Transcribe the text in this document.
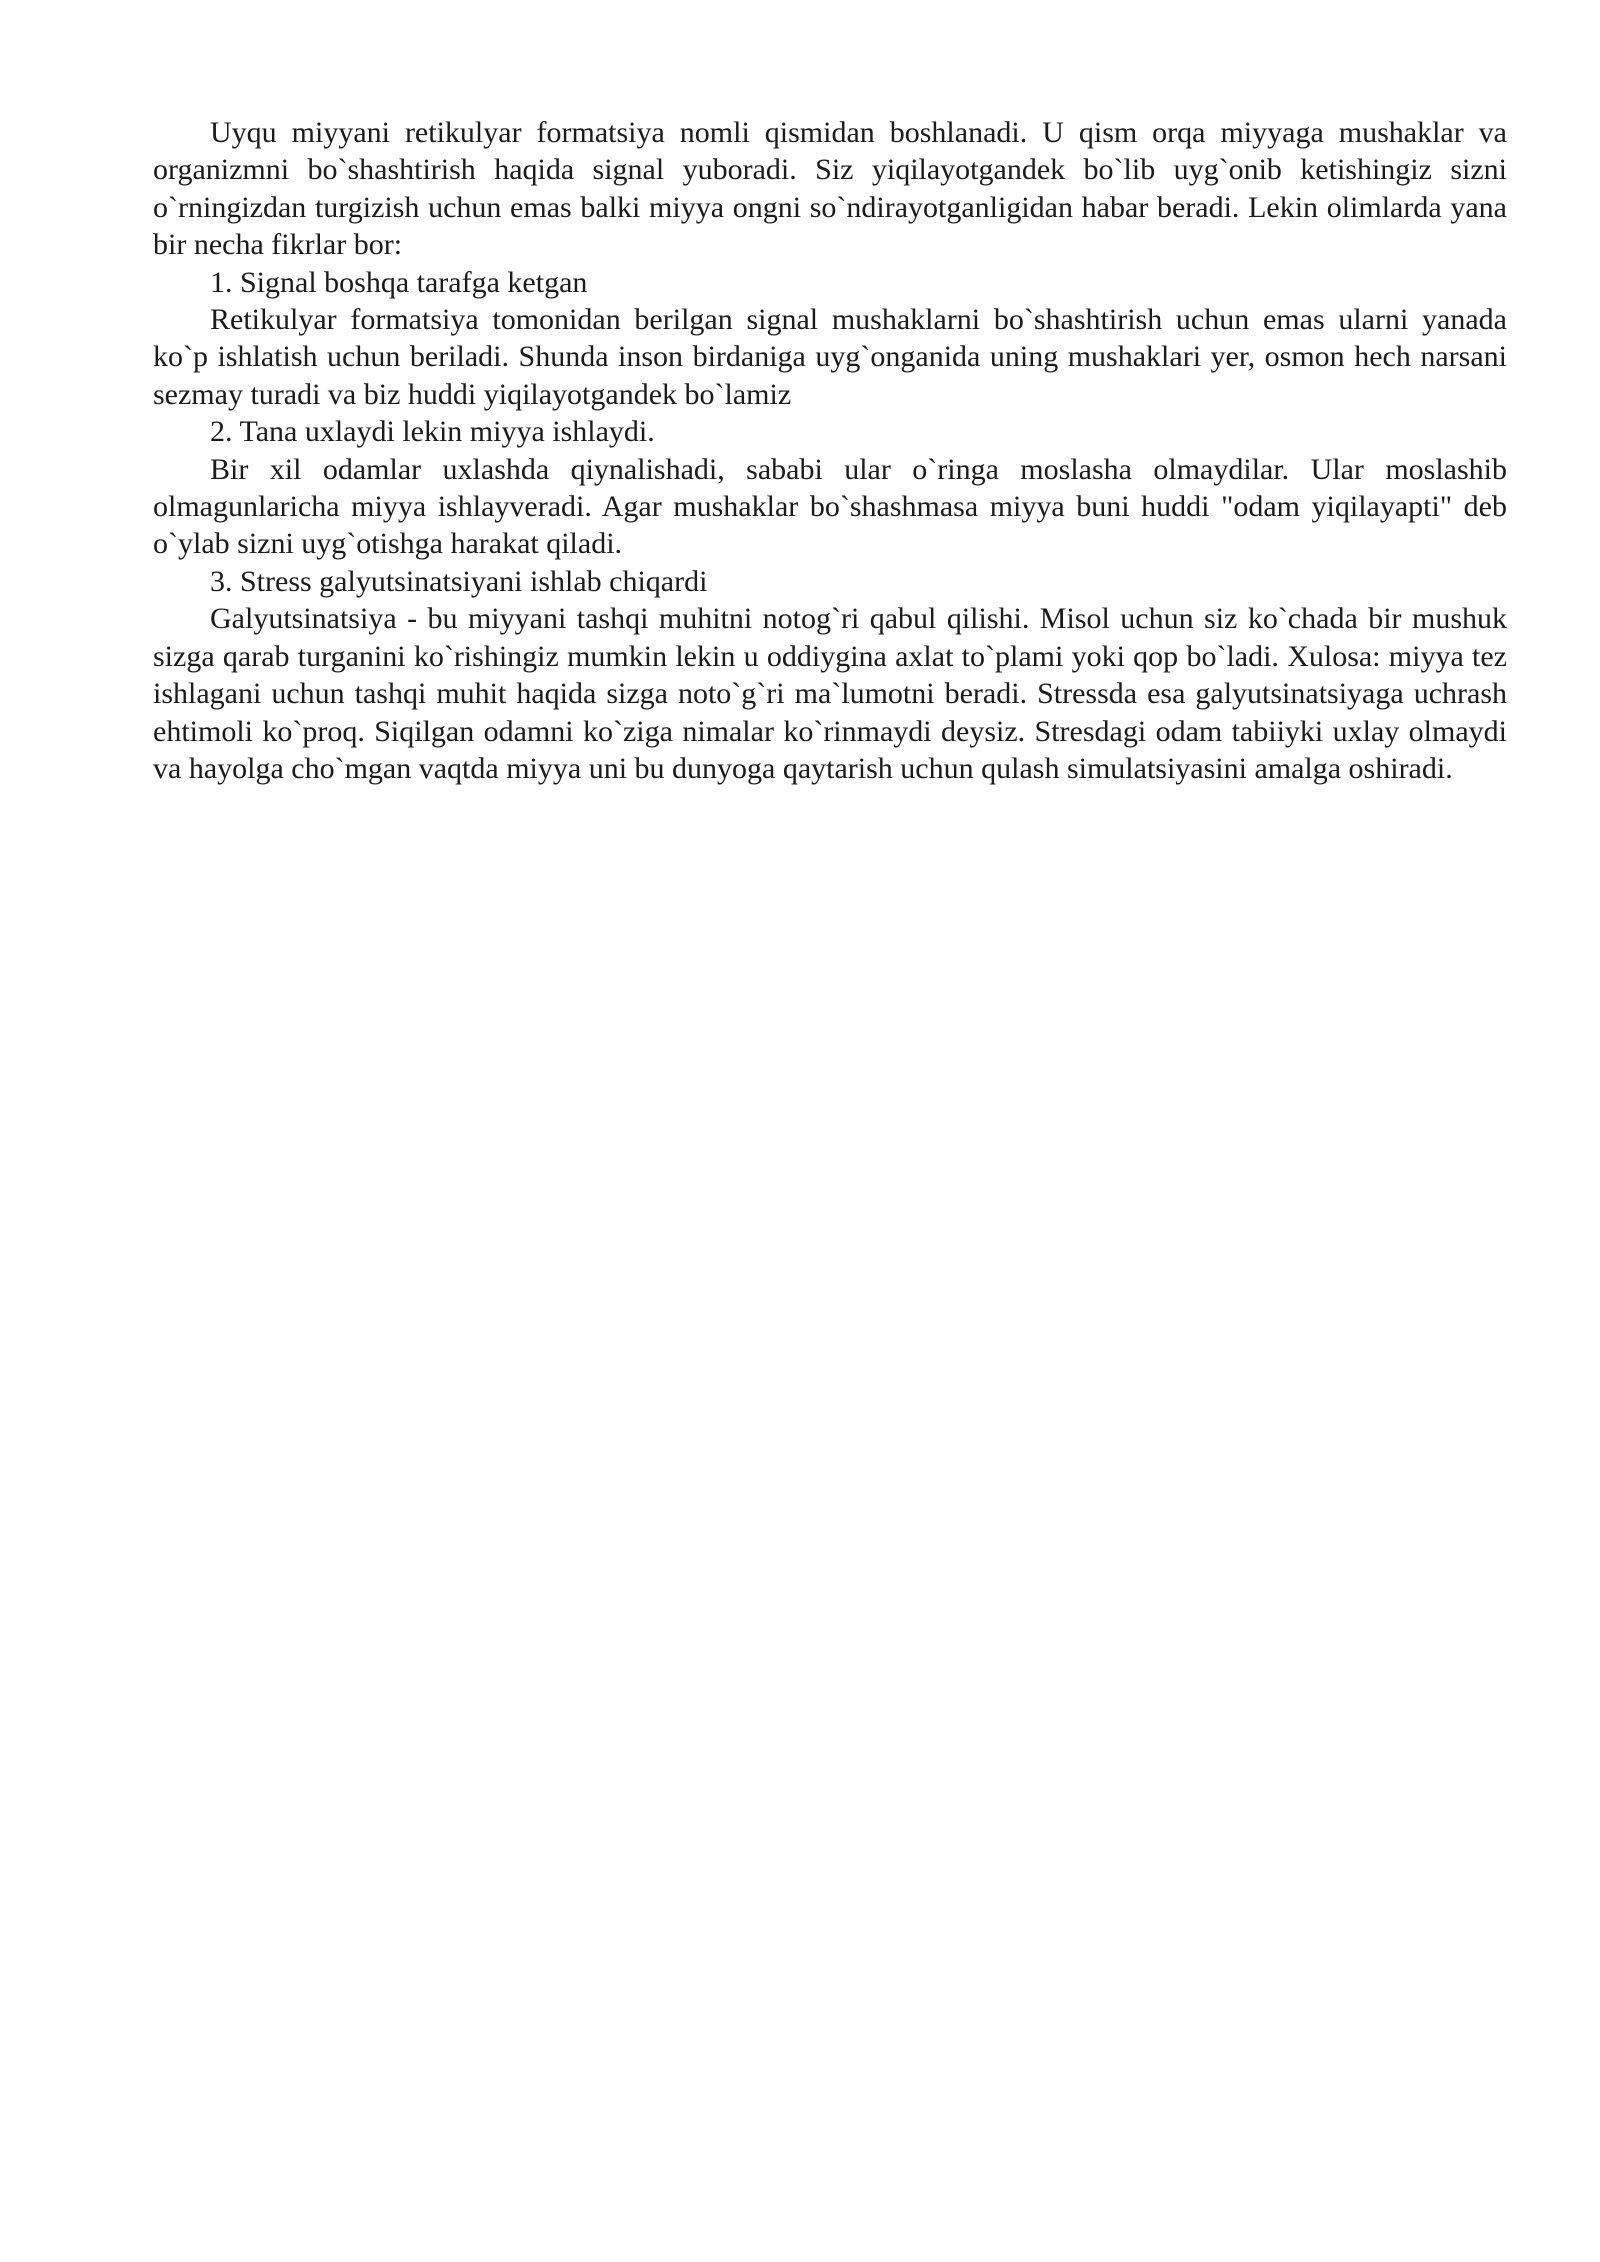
Uyqu miyyani retikulyar formatsiya nomli qismidan boshlanadi. U qism orqa miyyaga mushaklar va organizmni bo`shashtirish haqida signal yuboradi. Siz yiqilayotgandek bo`lib uyg`onib ketishingiz sizni o`rningizdan turgizish uchun emas balki miyya ongni so`ndirayotganligidan habar beradi. Lekin olimlarda yana bir necha fikrlar bor:

1. Signal boshqa tarafga ketgan

Retikulyar formatsiya tomonidan berilgan signal mushaklarni bo`shashtirish uchun emas ularni yanada ko`p ishlatish uchun beriladi. Shunda inson birdaniga uyg`onganida uning mushaklari yer, osmon hech narsani sezmay turadi va biz huddi yiqilayotgandek bo`lamiz

2. Tana uxlaydi lekin miyya ishlaydi.

Bir xil odamlar uxlashda qiynalishadi, sababi ular o`ringa moslasha olmaydilar. Ular moslashib olmagunlaricha miyya ishlayveradi. Agar mushaklar bo`shashmasa miyya buni huddi "odam yiqilayapti" deb o`ylab sizni uyg`otishga harakat qiladi.

3. Stress galyutsinatsiyani ishlab chiqardi

Galyutsinatsiya - bu miyyani tashqi muhitni notog`ri qabul qilishi. Misol uchun siz ko`chada bir mushuk sizga qarab turganini ko`rishingiz mumkin lekin u oddiygina axlat to`plami yoki qop bo`ladi. Xulosa: miyya tez ishlagani uchun tashqi muhit haqida sizga noto`g`ri ma`lumotni beradi. Stressda esa galyutsinatsiyaga uchrash ehtimoli ko`proq. Siqilgan odamni ko`ziga nimalar ko`rinmaydi deysiz. Stresdagi odam tabiiyki uxlay olmaydi va hayolga cho`mgan vaqtda miyya uni bu dunyoga qaytarish uchun qulash simulatsiyasini amalga oshiradi.
